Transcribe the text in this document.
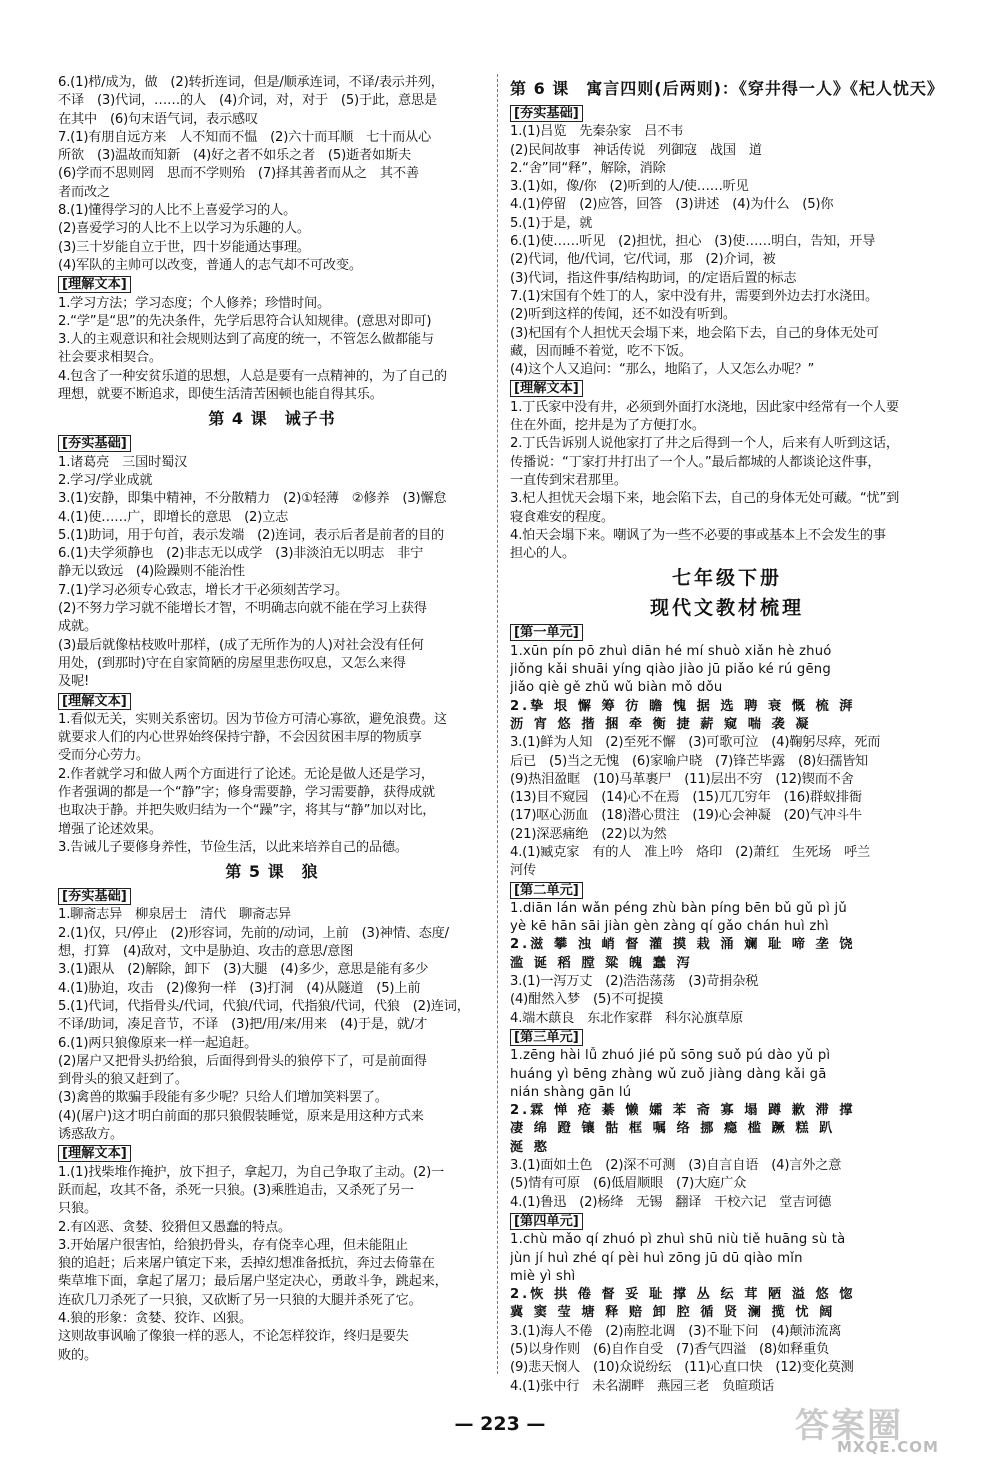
6.(1)栉/成为，做　(2)转折连词，但是/顺承连词，不译/表示并列，
不译　(3)代词，……的人　(4)介词，对，对于　(5)于此，意思是
在其中　(6)句末语气词，表示感叹
7.(1)有朋自远方来　人不知而不愠　(2)六十而耳顺　七十而从心
所欲　(3)温故而知新　(4)好之者不如乐之者　(5)逝者如斯夫
(6)学而不思则罔　思而不学则殆　(7)择其善者而从之　其不善
者而改之
8.(1)懂得学习的人比不上喜爱学习的人。
(2)喜爱学习的人比不上以学习为乐趣的人。
(3)三十岁能自立于世，四十岁能通达事理。
(4)军队的主帅可以改变，普通人的志气却不可改变。
[理解文本]
1.学习方法；学习态度；个人修养；珍惜时间。
2.“学”是“思”的先决条件，先学后思符合认知规律。(意思对即可)
3.人的主观意识和社会规则达到了高度的统一，不管怎么做都能与
社会要求相契合。
4.包含了一种安贫乐道的思想，人总是要有一点精神的，为了自己的
理想，就要不断追求，即使生活清苦困顿也能自得其乐。
第 4 课　诫子书
[夯实基础]
1.诸葛亮　三国时蜀汉
2.学习/学业成就
3.(1)安静，即集中精神，不分散精力　(2)①轻薄　②修养　(3)懈怠
4.(1)使……广，即增长的意思　(2)立志
5.(1)助词，用于句首，表示发端　(2)连词，表示后者是前者的目的
6.(1)夫学须静也　(2)非志无以成学　(3)非淡泊无以明志　非宁
静无以致远　(4)险躁则不能治性
7.(1)学习必须专心致志，增长才干必须刻苦学习。
(2)不努力学习就不能增长才智，不明确志向就不能在学习上获得
成就。
(3)最后就像枯枝败叶那样，(成了无所作为的人)对社会没有任何
用处，(到那时)守在自家简陋的房屋里悲伤叹息，又怎么来得
及呢!
[理解文本]
1.看似无关，实则关系密切。因为节俭方可清心寡欲，避免浪费。这
就要求人们的内心世界始终保持宁静，不会因贫困丰厚的物质享
受而分心劳力。
2.作者就学习和做人两个方面进行了论述。无论是做人还是学习，
作者强调的都是一个“静”字；修身需要静，学习需要静，获得成就
也取决于静。并把失败归结为一个“躁”字，将其与“静”加以对比，
增强了论述效果。
3.告诫儿子要修身养性，节俭生活，以此来培养自己的品德。
第 5 课　狼
[夯实基础]
1.聊斋志异　柳泉居士　清代　聊斋志异
2.(1)仅，只/停止　(2)形容词，先前的/动词，上前　(3)神情、态度/
想，打算　(4)敌对，文中是胁迫、攻击的意思/意图
3.(1)跟从　(2)解除，卸下　(3)大腿　(4)多少，意思是能有多少
4.(1)胁迫，攻击　(2)像狗一样　(3)打洞　(4)从隧道　(5)上前
5.(1)代词，代指骨头/代词，代狼/代词，代指狼/代词，代狼　(2)连词，
不译/助词，凑足音节，不译　(3)把/用/来/用来　(4)于是，就/才
6.(1)两只狼像原来一样一起追赶。
(2)屠户又把骨头扔给狼，后面得到骨头的狼停下了，可是前面得
到骨头的狼又赶到了。
(3)禽兽的欺骗手段能有多少呢？只给人们增加笑料罢了。
(4)(屠户)这才明白前面的那只狼假装睡觉，原来是用这种方式来
诱惑敌方。
[理解文本]
1.(1)找柴堆作掩护，放下担子，拿起刀，为自己争取了主动。(2)一
跃而起，攻其不备，杀死一只狼。(3)乘胜追击，又杀死了另一
只狼。
2.有凶恶、贪婪、狡猾但又愚蠢的特点。
3.开始屠户很害怕，给狼扔骨头，存有侥幸心理，但未能阻止
狼的追赶；后来屠户镇定下来，丢掉幻想准备抵抗，奔过去倚靠在
柴草堆下面，拿起了屠刀；最后屠户坚定决心，勇敢斗争，跳起来，
连砍几刀杀死了一只狼，又砍断了另一只狼的大腿并杀死了它。
4.狼的形象：贪婪、狡诈、凶狠。
这则故事讽喻了像狼一样的恶人，不论怎样狡诈，终归是要失
败的。
第 6 课　寓言四则(后两则)：《穿井得一人》《杞人忧天》
[夯实基础]
1.(1)吕览　先秦杂家　吕不韦
(2)民间故事　神话传说　列御寇　战国　道
2.“舍”同“释”，解除，消除
3.(1)如，像/你　(2)听到的人/使……听见
4.(1)停留　(2)应答，回答　(3)讲述　(4)为什么　(5)你
5.(1)于是，就
6.(1)使……听见　(2)担忧，担心　(3)使……明白，告知，开导
(2)代词，他/代词，它/代词，那　(2)介词，被
(3)代词，指这件事/结构助词，的/定语后置的标志
7.(1)宋国有个姓丁的人，家中没有井，需要到外边去打水浇田。
(2)听到这样的传闻，还不如没有听到。
(3)杞国有个人担忧天会塌下来，地会陷下去，自己的身体无处可
藏，因而睡不着觉，吃不下饭。
(4)这个人又追问：“那么，地陷了，人又怎么办呢？”
[理解文本]
1.丁氏家中没有井，必须到外面打水浇地，因此家中经常有一个人要
住在外面，挖井是为了方便打水。
2.丁氏告诉别人说他家打了井之后得到一个人，后来有人听到这话，
传播说：“丁家打井打出了一个人。”最后都城的人都谈论这件事，
一直传到宋君那里。
3.杞人担忧天会塌下来，地会陷下去，自己的身体无处可藏。“忧”到
寝食难安的程度。
4.怕天会塌下来。嘲讽了为一些不必要的事或基本上不会发生的事
担心的人。
七年级下册
现代文教材梳理
[第一单元]
1.xūn pín pō zhuì diān hé mí shuò xiǎn hè zhuó
jiǒng kǎi shuāi yíng qiào jiào jū piǎo ké rú gēng
jiǎo qiè gě zhǔ wǔ biàn mǒ dǒu
2.挚 垠 懈 筹 彷 瞻 愧 据 选 聘 衰 慨 梳 湃
沥 宵 悠 揩 捆 牵 衡 捷 薪 窥 喘 袭 凝
3.(1)鲜为人知　(2)至死不懈　(3)可歌可泣　(4)鞠躬尽瘁，死而
后已　(5)当之无愧　(6)家喻户晓　(7)锋芒毕露　(8)妇孺皆知
(9)热泪盈眶　(10)马革裹尸　(11)层出不穷　(12)锲而不舍
(13)目不窥园　(14)心不在焉　(15)兀兀穷年　(16)群蚁排衙
(17)呕心沥血　(18)潜心贯注　(19)心会神凝　(20)气冲斗牛
(21)深恶痛绝　(22)以为然
4.(1)臧克家　有的人　准上吟　烙印　(2)萧红　生死场　呼兰
河传
[第二单元]
1.diān lán wǎn péng zhù bàn píng bēn bǔ gǔ pì jǔ
yè kē hān sāi jiàn gèn zàng qí gǎo chán huì zhì
2.滋 攀 浊 峭 督 灌 摸 栽 涌 斓 耻 啼 垄 饶
滥 诞 稻 膛 粱 魄 蠢 泻
3.(1)一泻万丈　(2)浩浩荡荡　(3)苛捐杂税
(4)酣然入梦　(5)不可捉摸
4.端木蕻良　东北作家群　科尔沁旗草原
[第三单元]
1.zēng hài lǚ zhuó jié pǔ sōng suǒ pú dào yǔ pì
huáng yì bēng zhàng wǔ zuǒ jiàng dàng kǎi gā
nián shàng gān lú
2.霖 惮 疮 綦 懒 孀 苯 斋 寡 塌 蹲 歉 滞 撑
凄 绵 蹬 镶 骷 框 嘱 络 挪 瘾 槛 蹶 糕 趴
涎 憨
3.(1)面如土色　(2)深不可测　(3)自言自语　(4)言外之意
(5)情有可原　(6)低眉顺眼　(7)大庭广众
4.(1)鲁迅　(2)杨绛　无锡　翻译　干校六记　堂吉诃德
[第四单元]
1.chù mǎo qí zhuó pì zhuì shū niù tiě huāng sù tà
jùn jí huì zhé qí pèi huì zōng jū dū qiào mǐn
miè yì shì
2.恢 拱 倦 督 妥 耻 撑 丛 纭 茸 陋 溢 悠 惚
冀 窦 莹 塘 释 赔 卸 腔 循 贤 澜 揽 忧 阔
3.(1)海人不倦　(2)南腔北调　(3)不耻下问　(4)颠沛流离
(5)以身作则　(6)自作自受　(7)香气四溢　(8)如释重负
(9)悲天悯人　(10)众说纷纭　(11)心直口快　(12)变化莫测
4.(1)张中行　未名湖畔　燕园三老　负暄琐话
— 223 —	答案圈
MXQE.COM
